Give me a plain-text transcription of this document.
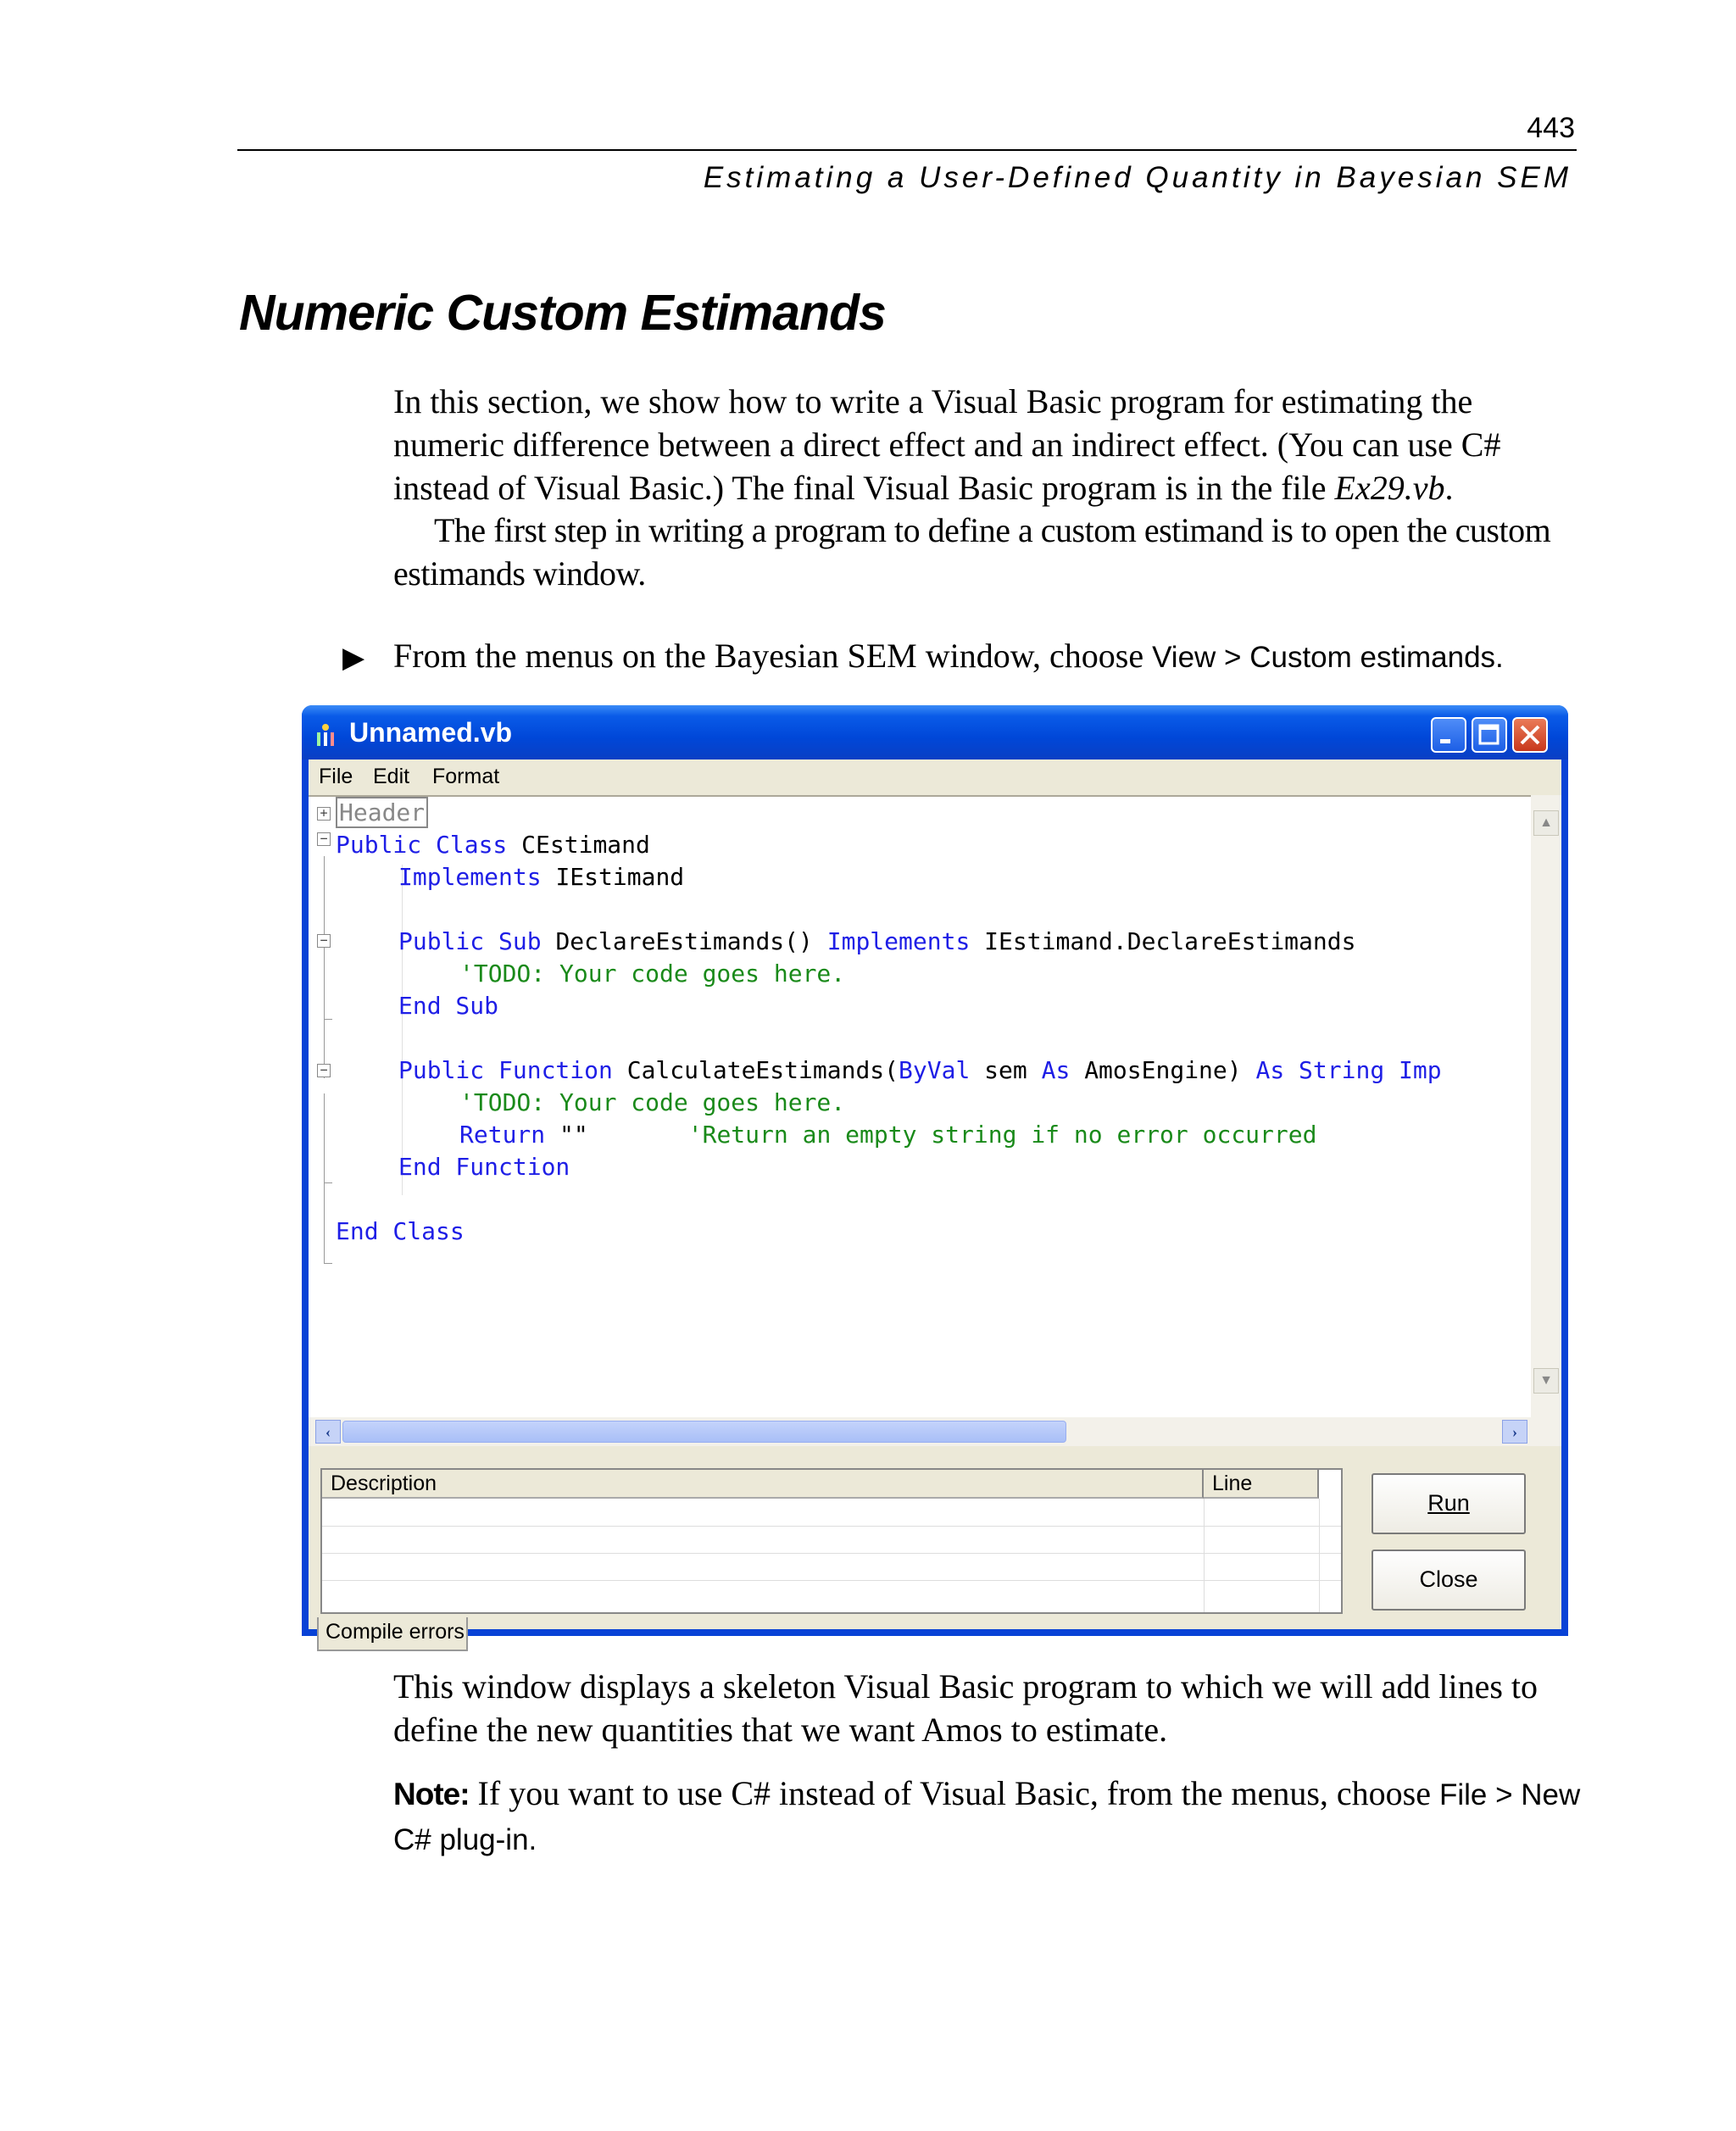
443
Estimating a User-Defined Quantity in Bayesian SEM
Numeric Custom Estimands
In this section, we show how to write a Visual Basic program for estimating the numeric difference between a direct effect and an indirect effect. (You can use C# instead of Visual Basic.) The final Visual Basic program is in the file Ex29.vb.
The first step in writing a program to define a custom estimand is to open the custom estimands window.
▶ From the menus on the Bayesian SEM window, choose View > Custom estimands.
Unnamed.vb
File Edit Format
+
−
−
−
Header
Public Class CEstimand
Implements IEstimand
Public Sub DeclareEstimands() Implements IEstimand.DeclareEstimands
'TODO: Your code goes here.
End Sub
Public Function CalculateEstimands(ByVal sem As AmosEngine) As String Imp
'TODO: Your code goes here.
Return ""       'Return an empty string if no error occurred
End Function
End Class
▲
▼
‹	›
Description	Line
Run
Close
Compile errors
This window displays a skeleton Visual Basic program to which we will add lines to define the new quantities that we want Amos to estimate.
Note: If you want to use C# instead of Visual Basic, from the menus, choose File > New C# plug-in.
